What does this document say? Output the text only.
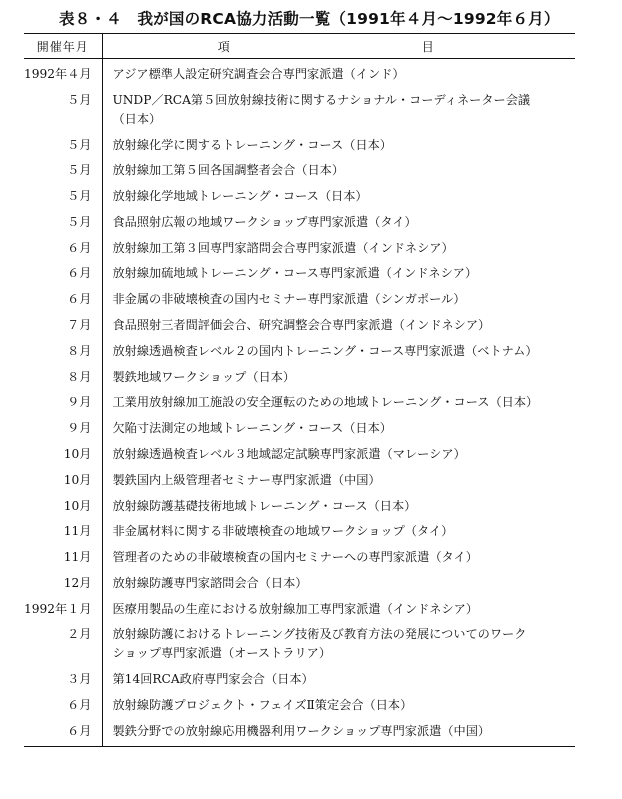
表８・４　我が国のRCA協力活動一覧（1991年４月〜1992年６月）
開催年月	項　　目
1992年４月	アジア標準人設定研究調査会合専門家派遣（インド）

５月	UNDP／RCA第５回放射線技術に関するナショナル・コーディネーター会議
（日本）

５月	放射線化学に関するトレーニング・コース（日本）

５月	放射線加工第５回各国調整者会合（日本）

５月	放射線化学地域トレーニング・コース（日本）

５月	食品照射広報の地域ワークショップ専門家派遣（タイ）

６月	放射線加工第３回専門家諮問会合専門家派遣（インドネシア）

６月	放射線加硫地域トレーニング・コース専門家派遣（インドネシア）

６月	非金属の非破壊検査の国内セミナー専門家派遣（シンガポール）

７月	食品照射三者間評価会合、研究調整会合専門家派遣（インドネシア）

８月	放射線透過検査レベル２の国内トレーニング・コース専門家派遣（ベトナム）

８月	製鉄地域ワークショップ（日本）

９月	工業用放射線加工施設の安全運転のための地域トレーニング・コース（日本）

９月	欠陥寸法測定の地域トレーニング・コース（日本）

10月	放射線透過検査レベル３地域認定試験専門家派遣（マレーシア）

10月	製鉄国内上級管理者セミナー専門家派遣（中国）

10月	放射線防護基礎技術地域トレーニング・コース（日本）

11月	非金属材料に関する非破壊検査の地域ワークショップ（タイ）

11月	管理者のための非破壊検査の国内セミナーへの専門家派遣（タイ）

12月	放射線防護専門家諮問会合（日本）

1992年１月	医療用製品の生産における放射線加工専門家派遣（インドネシア）

２月	放射線防護におけるトレーニング技術及び教育方法の発展についてのワーク
ショップ専門家派遣（オーストラリア）

３月	第14回RCA政府専門家会合（日本）

６月	放射線防護プロジェクト・フェイズⅡ策定会合（日本）

６月	製鉄分野での放射線応用機器利用ワークショップ専門家派遣（中国）
